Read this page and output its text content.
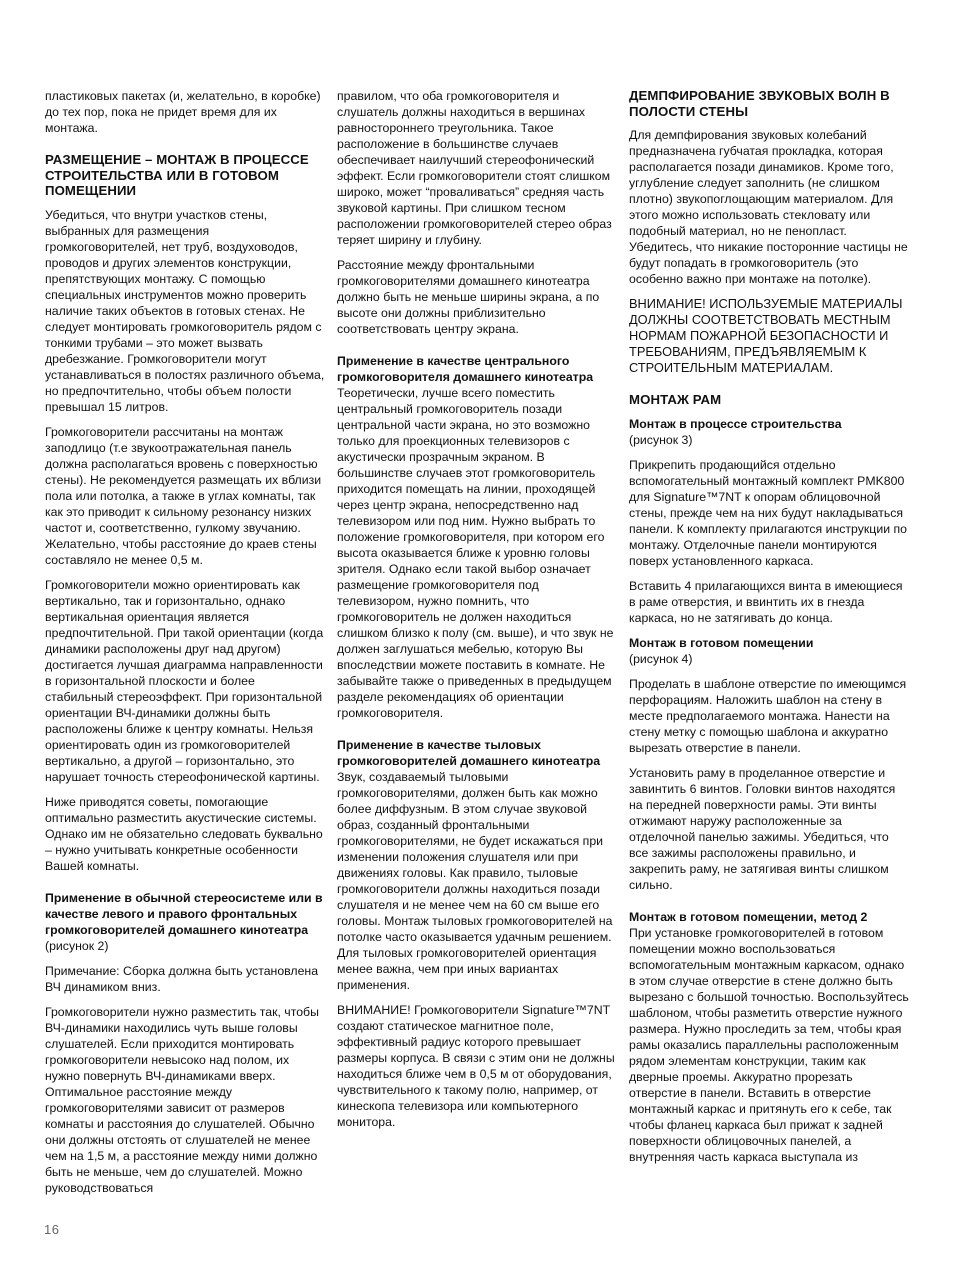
пластиковых пакетах (и, желательно, в коробке) до тех пор, пока не придет время для их монтажа.

РАЗМЕЩЕНИЕ – МОНТАЖ В ПРОЦЕССЕ СТРОИТЕЛЬСТВА ИЛИ В ГОТОВОМ ПОМЕЩЕНИИ

Убедиться, что внутри участков стены, выбранных для размещения громкоговорителей, нет труб, воздуховодов, проводов и других элементов конструкции, препятствующих монтажу. С помощью специальных инструментов можно проверить наличие таких объектов в готовых стенах. Не следует монтировать громкоговоритель рядом с тонкими трубами – это может вызвать дребезжание. Громкоговорители могут устанавливаться в полостях различного объема, но предпочтительно, чтобы объем полости превышал 15 литров.

Громкоговорители рассчитаны на монтаж заподлицо (т.е звукоотражательная панель должна располагаться вровень с поверхностью стены). Не рекомендуется размещать их вблизи пола или потолка, а также в углах комнаты, так как это приводит к сильному резонансу низких частот и, соответственно, гулкому звучанию. Желательно, чтобы расстояние до краев стены составляло не менее 0,5 м.

Громкоговорители можно ориентировать как вертикально, так и горизонтально, однако вертикальная ориентация является предпочтительной. При такой ориентации (когда динамики расположены друг над другом) достигается лучшая диаграмма направленности в горизонтальной плоскости и более стабильный стереоэффект. При горизонтальной ориентации ВЧ-динамики должны быть расположены ближе к центру комнаты. Нельзя ориентировать один из громкоговорителей вертикально, а другой – горизонтально, это нарушает точность стереофонической картины.

Ниже приводятся советы, помогающие оптимально разместить акустические системы. Однако им не обязательно следовать буквально – нужно учитывать конкретные особенности Вашей комнаты.

Применение в обычной стереосистеме или в качестве левого и правого фронтальных громкоговорителей домашнего кинотеатра

(рисунок 2)

Примечание: Сборка должна быть установлена ВЧ динамиком вниз.

Громкоговорители нужно разместить так, чтобы ВЧ-динамики находились чуть выше головы слушателей. Если приходится монтировать громкоговорители невысоко над полом, их нужно повернуть ВЧ-динамиками вверх. Оптимальное расстояние между громкоговорителями зависит от размеров комнаты и расстояния до слушателей. Обычно они должны отстоять от слушателей не менее чем на 1,5 м, а расстояние между ними должно быть не меньше, чем до слушателей. Можно руководствоваться

правилом, что оба громкоговорителя и слушатель должны находиться в вершинах равностороннего треугольника. Такое расположение в большинстве случаев обеспечивает наилучший стереофонический эффект. Если громкоговорители стоят слишком широко, может “проваливаться” средняя часть звуковой картины. При слишком тесном расположении громкоговорителей стерео образ теряет ширину и глубину.

Расстояние между фронтальными громкоговорителями домашнего кинотеатра должно быть не меньше ширины экрана, а по высоте они должны приблизительно соответствовать центру экрана.

Применение в качестве центрального громкоговорителя домашнего кинотеатра

Теоретически, лучше всего поместить центральный громкоговоритель позади центральной части экрана, но это возможно только для проекционных телевизоров с акустически прозрачным экраном. В большинстве случаев этот громкоговоритель приходится помещать на линии, проходящей через центр экрана, непосредственно над телевизором или под ним. Нужно выбрать то положение громкоговорителя, при котором его высота оказывается ближе к уровню головы зрителя. Однако если такой выбор означает размещение громкоговорителя под телевизором, нужно помнить, что громкоговоритель не должен находиться слишком близко к полу (см. выше), и что звук не должен заглушаться мебелью, которую Вы впоследствии можете поставить в комнате. Не забывайте также о приведенных в предыдущем разделе рекомендациях об ориентации громкоговорителя.

Применение в качестве тыловых громкоговорителей домашнего кинотеатра

Звук, создаваемый тыловыми громкоговорителями, должен быть как можно более диффузным. В этом случае звуковой образ, созданный фронтальными громкоговорителями, не будет искажаться при изменении положения слушателя или при движениях головы. Как правило, тыловые громкоговорители должны находиться позади слушателя и не менее чем на 60 см выше его головы. Монтаж тыловых громкоговорителей на потолке часто оказывается удачным решением. Для тыловых громкоговорителей ориентация менее важна, чем при иных вариантах применения.

ВНИМАНИЕ! Громкоговорители Signature™7NT создают статическое магнитное поле, эффективный радиус которого превышает размеры корпуса. В связи с этим они не должны находиться ближе чем в 0,5 м от оборудования, чувствительного к такому полю, например, от кинескопа телевизора или компьютерного монитора.

ДЕМПФИРОВАНИЕ ЗВУКОВЫХ ВОЛН В ПОЛОСТИ СТЕНЫ

Для демпфирования звуковых колебаний предназначена губчатая прокладка, которая располагается позади динамиков. Кроме того, углубление следует заполнить (не слишком плотно) звукопоглощающим материалом. Для этого можно использовать стекловату или подобный материал, но не пенопласт. Убедитесь, что никакие посторонние частицы не будут попадать в громкоговоритель (это особенно важно при монтаже на потолке).

ВНИМАНИЕ! ИСПОЛЬЗУЕМЫЕ МАТЕРИАЛЫ ДОЛЖНЫ СООТВЕТСТВОВАТЬ МЕСТНЫМ НОРМАМ ПОЖАРНОЙ БЕЗОПАСНОСТИ И ТРЕБОВАНИЯМ, ПРЕДЪЯВЛЯЕМЫМ К СТРОИТЕЛЬНЫМ МАТЕРИАЛАМ.

МОНТАЖ РАМ
Монтаж в процессе строительства

(рисунок 3)

Прикрепить продающийся отдельно вспомогательный монтажный комплект PMK800 для Signature™7NT к опорам облицовочной стены, прежде чем на них будут накладываться панели. К комплекту прилагаются инструкции по монтажу. Отделочные панели монтируются поверх установленного каркаса.

Вставить 4 прилагающихся винта в имеющиеся в раме отверстия, и ввинтить их в гнезда каркаса, но не затягивать до конца.

Монтаж в готовом помещении

(рисунок 4)

Проделать в шаблоне отверстие по имеющимся перфорациям. Наложить шаблон на стену в месте предполагаемого монтажа. Нанести на стену метку с помощью шаблона и аккуратно вырезать отверстие в панели.

Установить раму в проделанное отверстие и завинтить 6 винтов. Головки винтов находятся на передней поверхности рамы. Эти винты отжимают наружу расположенные за отделочной панелью зажимы. Убедиться, что все зажимы расположены правильно, и закрепить раму, не затягивая винты слишком сильно.

Монтаж в готовом помещении, метод 2

При установке громкоговорителей в готовом помещении можно воспользоваться вспомогательным монтажным каркасом, однако в этом случае отверстие в стене должно быть вырезано с большой точностью. Воспользуйтесь шаблоном, чтобы разметить отверстие нужного размера. Нужно проследить за тем, чтобы края рамы оказались параллельны расположенным рядом элементам конструкции, таким как дверные проемы. Аккуратно прорезать отверстие в панели. Вставить в отверстие монтажный каркас и притянуть его к себе, так чтобы фланец каркаса был прижат к задней поверхности облицовочных панелей, а внутренняя часть каркаса выступала из

16
